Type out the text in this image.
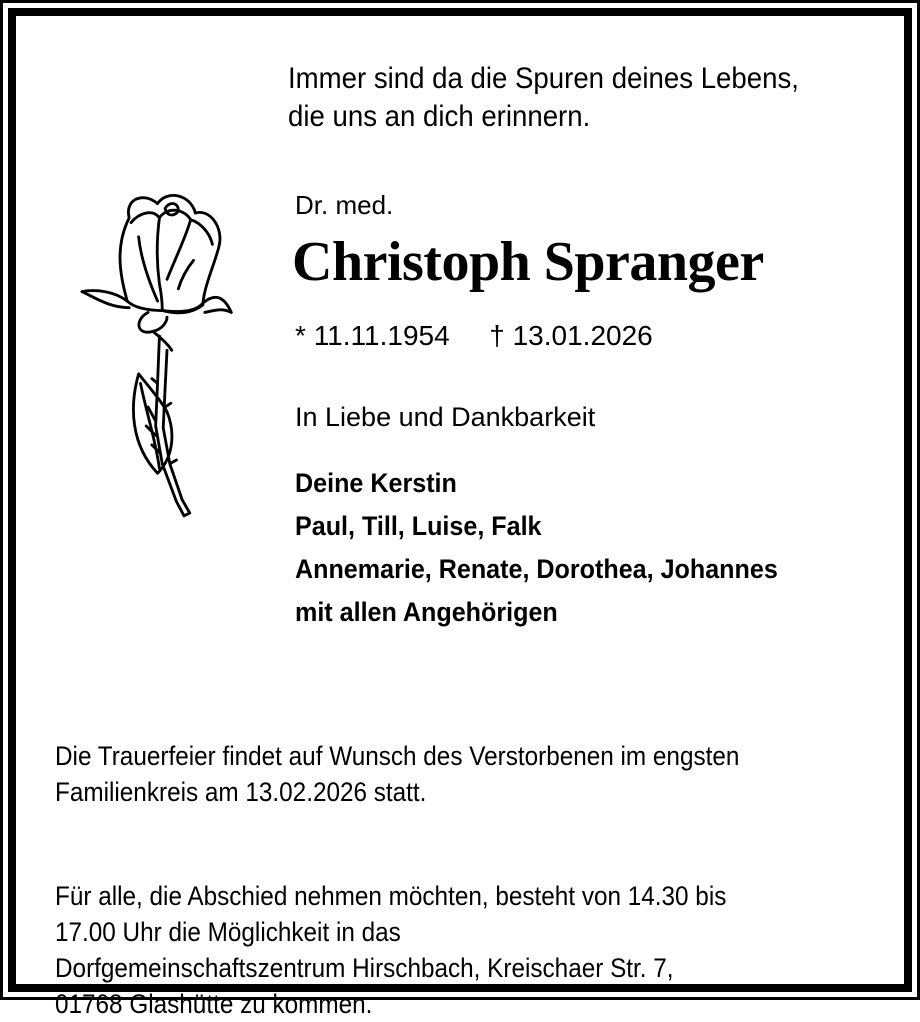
Immer sind da die Spuren deines Lebens,
die uns an dich erinnern.
Dr. med.
Christoph Spranger
* 11.11.1954 † 13.01.2026
In Liebe und Dankbarkeit
Deine Kerstin
Paul, Till, Luise, Falk
Annemarie, Renate, Dorothea, Johannes
mit allen Angehörigen

Die Trauerfeier findet auf Wunsch des Verstorbenen im engsten
Familienkreis am 13.02.2026 statt.

Für alle, die Abschied nehmen möchten, besteht von 14.30 bis
17.00 Uhr die Möglichkeit in das
Dorfgemeinschaftszentrum Hirschbach, Kreischaer Str. 7,
01768 Glashütte zu kommen.
